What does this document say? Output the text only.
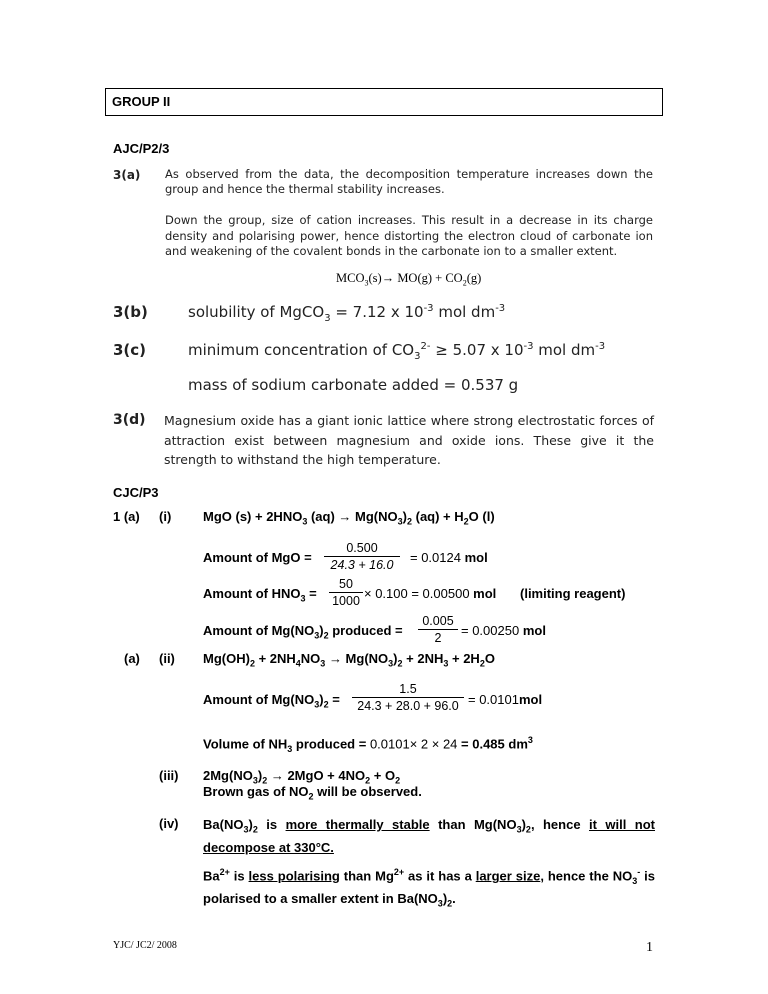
GROUP II
AJC/P2/3
3(a) As observed from the data, the decomposition temperature increases down the group and hence the thermal stability increases.
Down the group, size of cation increases. This result in a decrease in its charge density and polarising power, hence distorting the electron cloud of carbonate ion and weakening of the covalent bonds in the carbonate ion to a smaller extent.
$MCO_3(s)\to MO(g) + CO_2(g)$
3(b)	solubility of MgCO$_3$ = 7.12 x $10^{-3}$ mol $dm^{-3}$
3(c)	minimum concentration of $CO_3^{2-} \ge 5.07$ x $10^{-3}$ mol $dm^{-3}$
mass of sodium carbonate added = 0.537 g
3(d) Magnesium oxide has a giant ionic lattice where strong electrostatic forces of attraction exist between magnesium and oxide ions. These give it the strength to withstand the high temperature.
CJC/P3
1 (a) (i) MgO $(s) + 2HNO_3$ $(aq) \to Mg(NO_3)_2$ $(aq) + H_2O$ (l)
Amount of MgO = $\frac{0.500}{24.3 + 16.0} = 0.0124$ mol
Amount of $HNO_3 = \frac{50}{1000} \times 0.100 = 0.00500$ mol (limiting reagent)
Amount of $Mg(NO_3)_2$ produced = $\frac{0.005}{2} = 0.00250$ mol
(a) (ii) $Mg(OH)_2 + 2NH_4NO_3 \to Mg(NO_3)_2 + 2NH_3 + 2H_2O$
Amount of $Mg(NO_3)_2 = \frac{1.5}{24.3 + 28.0 + 96.0} = 0.0101mol$
Volume of $NH_3$ produced = 0.0101× 2 × 24 = 0.485 $dm^3$
(iii) $2Mg(NO_3)_2 \to 2MgO + 4NO_2 + O_2$
Brown gas of $NO_2$ will be observed.
(iv) $Ba(NO_3)_2$ is more thermally stable than $Mg(NO_3)_2$, hence it will not decompose at 330°C.
$Ba^{2+}$ is less polarising than $Mg^{2+}$ as it has a larger size, hence the $NO_3^-$ is polarised to a smaller extent in $Ba(NO_3)_2$.
YJC/ JC2/ 2008	1
